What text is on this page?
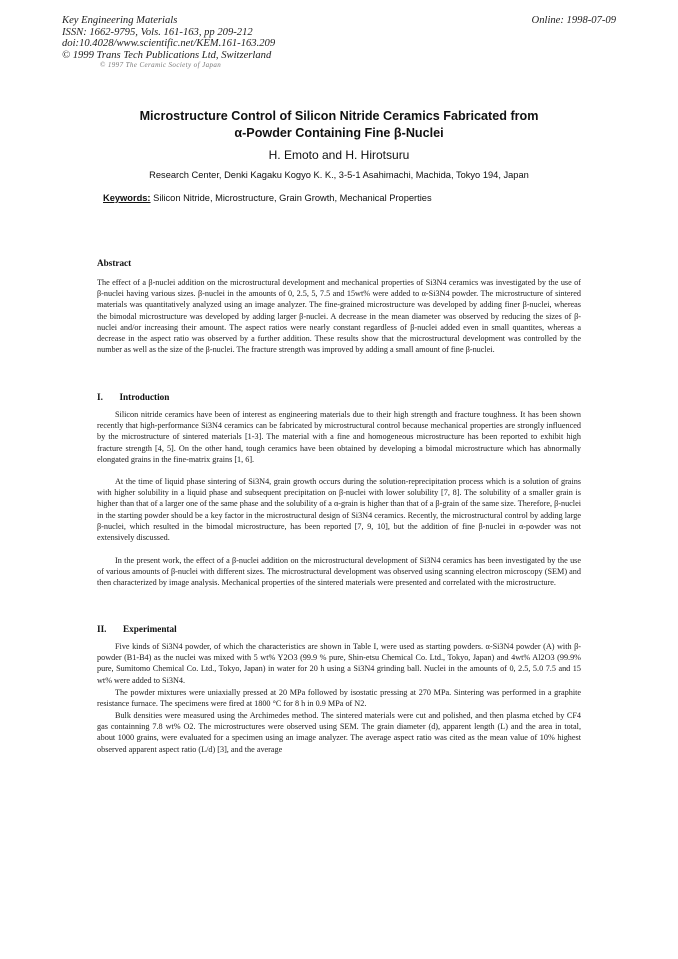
Key Engineering Materials
ISSN: 1662-9795, Vols. 161-163, pp 209-212
doi:10.4028/www.scientific.net/KEM.161-163.209
© 1999 Trans Tech Publications Ltd, Switzerland
Online: 1998-07-09
© 1997 The Ceramic Society of Japan
Microstructure Control of Silicon Nitride Ceramics Fabricated from
α-Powder Containing Fine β-Nuclei
H. Emoto and H. Hirotsuru
Research Center, Denki Kagaku Kogyo K. K., 3-5-1 Asahimachi, Machida, Tokyo 194, Japan
Keywords: Silicon Nitride, Microstructure, Grain Growth, Mechanical Properties
Abstract

The effect of a β-nuclei addition on the microstructural development and mechanical properties of Si3N4 ceramics was investigated by the use of β-nuclei having various sizes. β-nuclei in the amounts of 0, 2.5, 5, 7.5 and 15wt% were added to α-Si3N4 powder. The microstructure of sintered materials was quantitatively analyzed using an image analyzer. The fine-grained microstructure was developed by adding finer β-nuclei, whereas the bimodal microstructure was developed by adding larger β-nuclei. A decrease in the mean diameter was observed by reducing the sizes of β-nuclei and/or increasing their amount. The aspect ratios were nearly constant regardless of β-nuclei added even in small quantites, whereas a decrease in the aspect ratio was observed by a further addition. These results show that the microstructural development was controlled by the number as well as the size of the β-nuclei. The fracture strength was improved by adding a small amount of fine β-nuclei.

I. Introduction

Silicon nitride ceramics have been of interest as engineering materials due to their high strength and fracture toughness. It has been shown recently that high-performance Si3N4 ceramics can be fabricated by microstructural control because mechanical properties are strongly influenced by the microstructure of sintered materials [1-3]. The material with a fine and homogeneous microstructure has been reported to exhibit high fracture strength [4, 5]. On the other hand, tough ceramics have been obtained by developing a bimodal microstructure which has abnormally elongated grains in the fine-matrix grains [1, 6].

At the time of liquid phase sintering of Si3N4, grain growth occurs during the solution-reprecipitation process which is a solution of grains with higher solubility in a liquid phase and subsequent precipitation on β-nuclei with lower solubility [7, 8]. The solubility of a smaller grain is higher than that of a larger one of the same phase and the solubility of a α-grain is higher than that of a β-grain of the same size. Therefore, β-nuclei in the starting powder should be a key factor in the microstructural design of Si3N4 ceramics. Recently, the microstructural control by adding large β-nuclei, which resulted in the bimodal microstructure, has been reported [7, 9, 10], but the addition of fine β-nuclei in α-powder was not extensively discussed.

In the present work, the effect of a β-nuclei addition on the microstructural development of Si3N4 ceramics has been investigated by the use of various amounts of β-nuclei with different sizes. The microstructural development was observed using scanning electron microscopy (SEM) and then characterized by image analysis. Mechanical properties of the sintered materials were presented and correlated with the microstructure.

II. Experimental

Five kinds of Si3N4 powder, of which the characteristics are shown in Table I, were used as starting powders. α-Si3N4 powder (A) with β-powder (B1-B4) as the nuclei was mixed with 5 wt% Y2O3 (99.9 % pure, Shin-etsu Chemical Co. Ltd., Tokyo, Japan) and 4wt% Al2O3 (99.9% pure, Sumitomo Chemical Co. Ltd., Tokyo, Japan) in water for 20 h using a Si3N4 grinding ball. Nuclei in the amounts of 0, 2.5, 5.0 7.5 and 15 wt% were added to Si3N4.

The powder mixtures were uniaxially pressed at 20 MPa followed by isostatic pressing at 270 MPa. Sintering was performed in a graphite resistance furnace. The specimens were fired at 1800 °C for 8 h in 0.9 MPa of N2.

Bulk densities were measured using the Archimedes method. The sintered materials were cut and polished, and then plasma etched by CF4 gas containning 7.8 wt% O2. The microstructures were observed using SEM. The grain diameter (d), apparent length (L) and the area in total, about 1000 grains, were evaluated for a specimen using an image analyzer. The average aspect ratio was cited as the mean value of 10% highest observed apparent aspect ratio (L/d) [3], and the average
